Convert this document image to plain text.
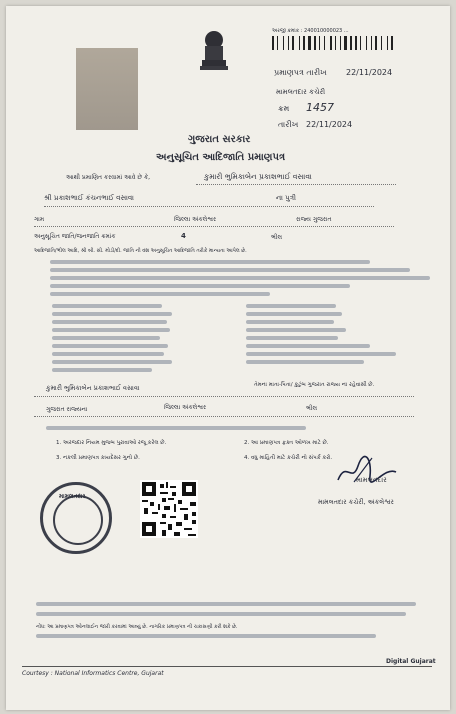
અરજી ક્રમાંક : 240010000023 ...
પ્રમાણપત્ર તારીખ 22/11/2024
મામલતદાર કચેરી
ક્રમ 1457
તારીખ 22/11/2024
ગુજરાત સરકાર
અનુસૂચિત આદિજાતિ પ્રમાણપત્ર
આથી પ્રમાણિત કરવામાં આવે છે કે,	કુમારી ભુમિકાબેન પ્રકાશભાઈ વસાવા
શ્રી પ્રકાશભાઈ કંચનભાઈ વસાવા	ના પુત્રી
ગામ	જિલ્લા અંકલેશ્વર	રાજ્ય ગુજરાત
અનુસૂચિત જાતિ/જનજાતિ ક્રમાંક	4	ભીલ
આદિજાતિ/ભીલ આદિ, શ્રી બી. સી. મોડી/દી. જાતિ ની વંશ અનુસૂચિત આદિજાતિ તરીકે માન્યતા આપેલ છે.
કુમારી ભુમિકાબેન પ્રકાશભાઈ વસાવા	તેમના માતા-પિતા/ કુટુંબ ગુજરાત રાજ્ય ના રહેવાસી છે.
ગુજરાત રાજ્યના	જિલ્લા અંકલેશ્વર	ભીલ
1. અરજદાર નિયમ મુજબ પુરાવાઓ રજૂ કરેલ છે.	2. આ પ્રમાણપત્ર ફક્ત ઓળખ માટે છે.
3. નકલી પ્રમાણપત્ર કાયદેસર ગુનો છે.	4. વધુ માહિતી માટે કચેરી નો સંપર્ક કરો.
મામલતદાર
મામલતદાર કચેરી, અંકલેશ્વર
મામલતદાર
નોંધ: આ પ્રમાણપત્ર ઓનલાઈન જારી કરવામાં આવ્યું છે. નાગરિક પ્રમાણપત્ર ની ચકાસણી કરી શકે છે.
Courtesy : National Informatics Centre, Gujarat
Digital Gujarat
